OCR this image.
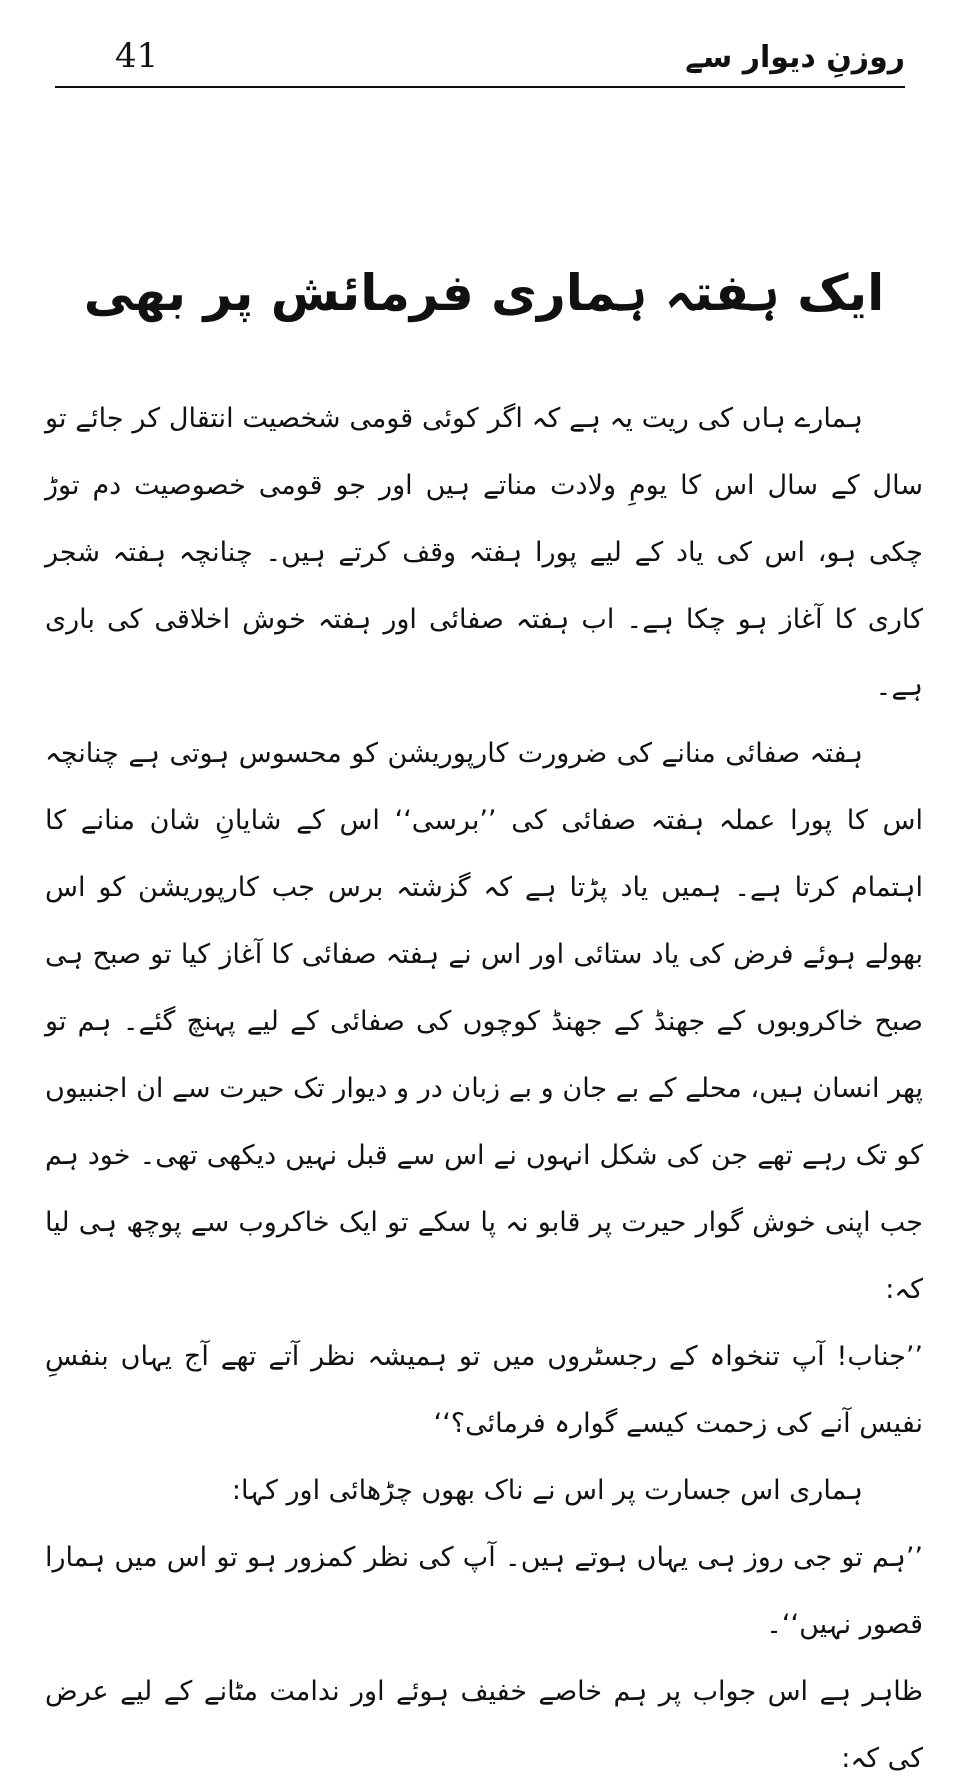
41	روزنِ دیوار سے
ایک ہفتہ ہماری فرمائش پر بھی

ہمارے ہاں کی ریت یہ ہے کہ اگر کوئی قومی شخصیت انتقال کر جائے تو سال کے سال اس کا یومِ ولادت مناتے ہیں اور جو قومی خصوصیت دم توڑ چکی ہو، اس کی یاد کے لیے پورا ہفتہ وقف کرتے ہیں۔ چنانچہ ہفتہ شجر کاری کا آغاز ہو چکا ہے۔ اب ہفتہ صفائی اور ہفتہ خوش اخلاقی کی باری ہے۔

ہفتہ صفائی منانے کی ضرورت کارپوریشن کو محسوس ہوتی ہے چنانچہ اس کا پورا عملہ ہفتہ صفائی کی ’’برسی‘‘ اس کے شایانِ شان منانے کا اہتمام کرتا ہے۔ ہمیں یاد پڑتا ہے کہ گزشتہ برس جب کارپوریشن کو اس بھولے ہوئے فرض کی یاد ستائی اور اس نے ہفتہ صفائی کا آغاز کیا تو صبح ہی صبح خاکروبوں کے جھنڈ کے جھنڈ کوچوں کی صفائی کے لیے پہنچ گئے۔ ہم تو پھر انسان ہیں، محلے کے بے جان و بے زبان در و دیوار تک حیرت سے ان اجنبیوں کو تک رہے تھے جن کی شکل انہوں نے اس سے قبل نہیں دیکھی تھی۔ خود ہم جب اپنی خوش گوار حیرت پر قابو نہ پا سکے تو ایک خاکروب سے پوچھ ہی لیا کہ:

’’جناب! آپ تنخواہ کے رجسٹروں میں تو ہمیشہ نظر آتے تھے آج یہاں بنفسِ نفیس آنے کی زحمت کیسے گوارہ فرمائی؟‘‘

ہماری اس جسارت پر اس نے ناک بھوں چڑھائی اور کہا:

’’ہم تو جی روز ہی یہاں ہوتے ہیں۔ آپ کی نظر کمزور ہو تو اس میں ہمارا قصور نہیں‘‘۔

ظاہر ہے اس جواب پر ہم خاصے خفیف ہوئے اور ندامت مٹانے کے لیے عرض کی کہ:
